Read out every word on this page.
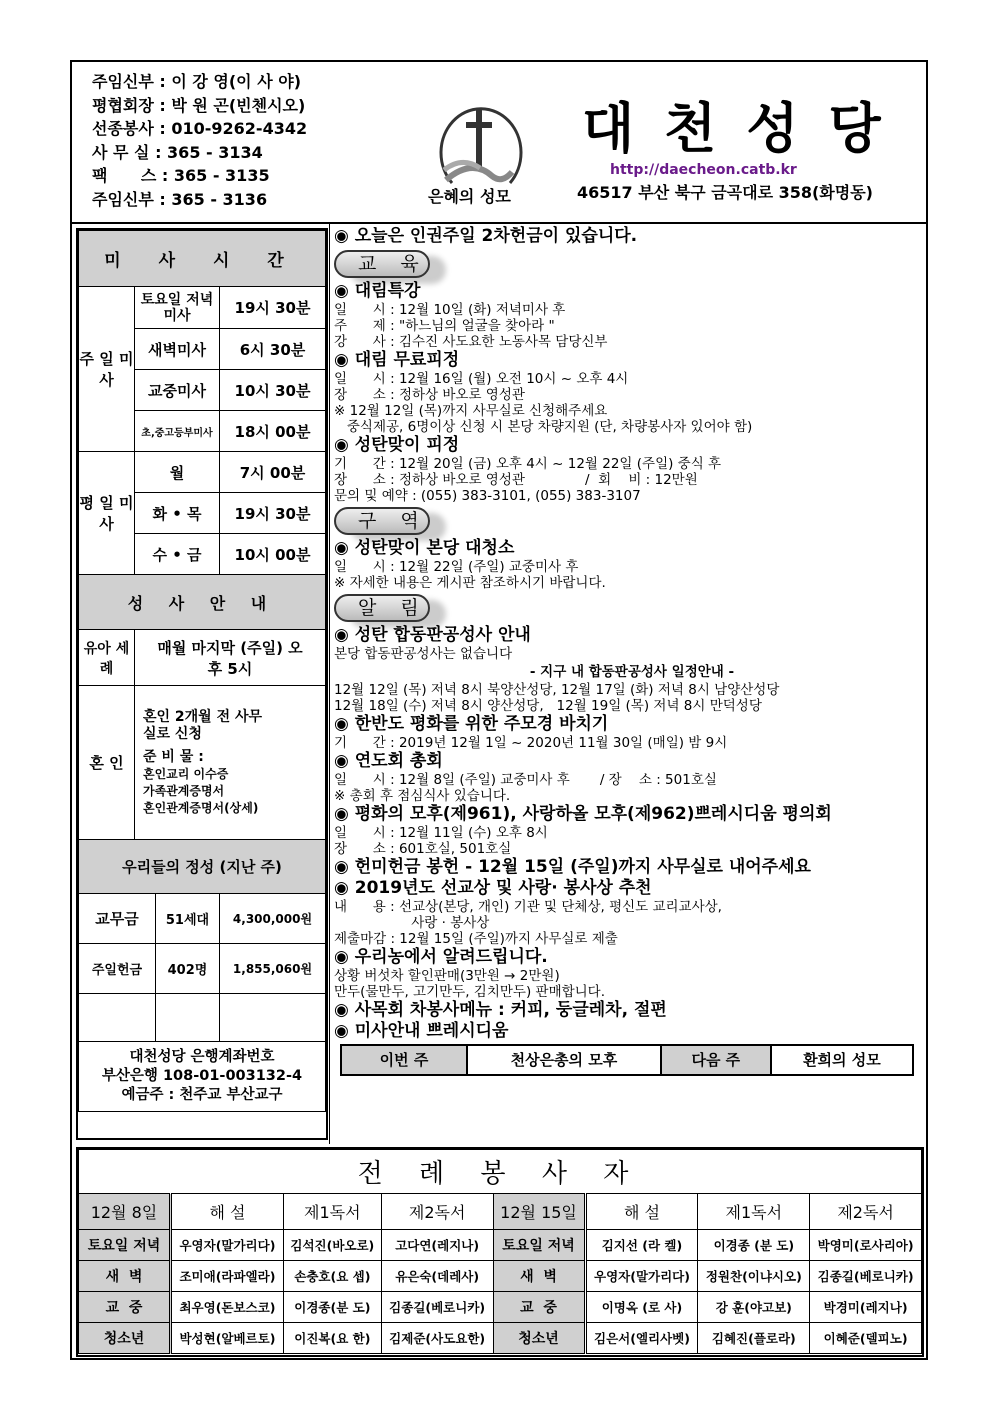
주임신부 : 이 강 영(이 사 야)
평협회장 : 박 원 곤(빈첸시오)
선종봉사 : 010-9262-4342
사 무 실 : 365 - 3134
팩      스 : 365 - 3135
주임신부 : 365 - 3136	은혜의 성모
대천성당
http://daecheon.catb.kr
46517 부산 북구 금곡대로 358(화명동)
미 사 시 간		
주 일 미 사	토요일 저녁미사	19시 30분
	새벽미사	6시 30분
	교중미사	10시 30분
	초,중고등부미사	18시 00분
평 일 미 사	월	7시 00분
	화 • 목	19시 30분
	수 • 금	10시 00분
성 사 안 내		
유아 세례	매월 마지막 (주일) 오후 5시	
혼 인	혼인 2개월 전 사무실로 신청
준 비 물 :
혼인교리 이수증
가족관계증명서
혼인관계증명서(상세)	
우리들의 정성 (지난 주)		
교무금	51세대	4,300,000원
주일헌금	402명	1,855,060원

대천성당 은행계좌번호
부산은행 108-01-003132-4
예금주 : 천주교 부산교구		
◉ 오늘은 인권주일 2차헌금이 있습니다.
교육
◉ 대림특강
일      시 : 12월 10일 (화) 저녁미사 후
주      제 : "하느님의 얼굴을 찾아라 "
강      사 : 김수진 사도요한 노동사목 담당신부
◉ 대림 무료피정
일      시 : 12월 16일 (월) 오전 10시 ~ 오후 4시
장      소 : 정하상 바오로 영성관
※ 12월 12일 (목)까지 사무실로 신청해주세요
중식제공, 6명이상 신청 시 본당 차량지원 (단, 차량봉사자 있어야 함)
◉ 성탄맞이 피정
기      간 : 12월 20일 (금) 오후 4시 ~ 12월 22일 (주일) 중식 후
장      소 : 정하상 바오로 영성관              /  회    비 : 12만원
문의 및 예약 : (055) 383-3101, (055) 383-3107
구역
◉ 성탄맞이 본당 대청소
일      시 : 12월 22일 (주일) 교중미사 후
※ 자세한 내용은 게시판 참조하시기 바랍니다.
알림
◉ 성탄 합동판공성사 안내
본당 합동판공성사는 없습니다
- 지구 내 합동판공성사 일정안내 -
12월 12일 (목) 저녁 8시 북양산성당, 12월 17일 (화) 저녁 8시 남양산성당
12월 18일 (수) 저녁 8시 양산성당,   12월 19일 (목) 저녁 8시 만덕성당
◉ 한반도 평화를 위한 주모경 바치기
기      간 : 2019년 12월 1일 ~ 2020년 11월 30일 (매일) 밤 9시
◉ 연도회 총회
일      시 : 12월 8일 (주일) 교중미사 후       / 장    소 : 501호실
※ 총회 후 점심식사 있습니다.
◉ 평화의 모후(제961), 사랑하올 모후(제962)쁘레시디움 평의회
일      시 : 12월 11일 (수) 오후 8시
장      소 : 601호실, 501호실
◉ 헌미헌금 봉헌 - 12월 15일 (주일)까지 사무실로 내어주세요
◉ 2019년도 선교상 및 사랑· 봉사상 추천
내      용 : 선교상(본당, 개인) 기관 및 단체상, 평신도 교리교사상,
사랑 · 봉사상
제출마감 : 12월 15일 (주일)까지 사무실로 제출
◉ 우리농에서 알려드립니다.
상황 버섯차 할인판매(3만원 → 2만원)
만두(물만두, 고기만두, 김치만두) 판매합니다.
◉ 사목회 차봉사메뉴 : 커피, 둥글레차, 절편
◉ 미사안내 쁘레시디움
이번 주	천상은총의 모후	다음 주	환희의 성모
전 례 봉 사 자							
12월 8일	해 설	제1독서	제2독서	12월 15일	해 설	제1독서	제2독서
토요일 저녁	우영자(말가리다)	김석진(바오로)	고다연(레지나)	토요일 저녁	김지선 (라 켈)	이경종 (분 도)	박영미(로사리아)
새  벽	조미애(라파엘라)	손충호(요 셉)	유은숙(데레사)	새  벽	우영자(말가리다)	정원찬(이냐시오)	김종길(베로니카)
교  중	최우영(돈보스코)	이경종(분 도)	김종길(베로니카)	교  중	이명옥 (로 사)	강 훈(야고보)	박경미(레지나)
청소년	박성현(알베르토)	이진복(요 한)	김제준(사도요한)	청소년	김은서(엘리사벳)	김혜진(플로라)	이혜준(델피노)
